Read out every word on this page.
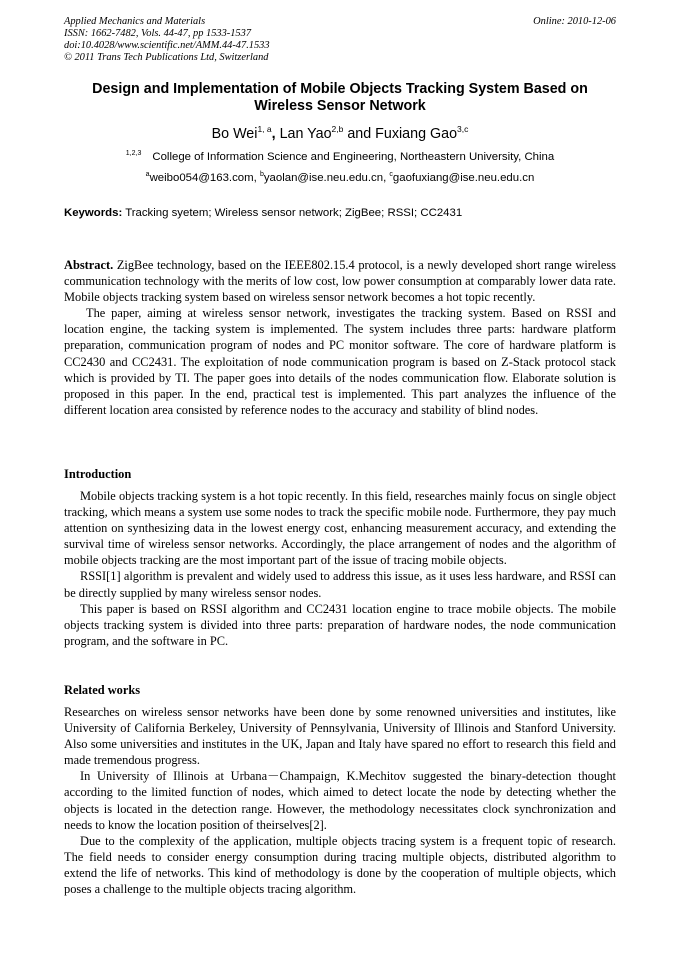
Applied Mechanics and Materials
ISSN: 1662-7482, Vols. 44-47, pp 1533-1537
doi:10.4028/www.scientific.net/AMM.44-47.1533
© 2011 Trans Tech Publications Ltd, Switzerland
Online: 2010-12-06
Design and Implementation of Mobile Objects Tracking System Based on Wireless Sensor Network
Bo Wei$^{1, a}$, Lan Yao$^{2,b}$ and Fuxiang Gao$^{3,c}$
$^{1,2,3}$ College of Information Science and Engineering, Northeastern University, China
$^a$weibo054@163.com, $^b$yaolan@ise.neu.edu.cn, $^c$gaofuxiang@ise.neu.edu.cn
Keywords: Tracking syetem; Wireless sensor network; ZigBee; RSSI; CC2431

Abstract. ZigBee technology, based on the IEEE802.15.4 protocol, is a newly developed short range wireless communication technology with the merits of low cost, low power consumption at comparably lower data rate. Mobile objects tracking system based on wireless sensor network becomes a hot topic recently.

The paper, aiming at wireless sensor network, investigates the tracking system. Based on RSSI and location engine, the tacking system is implemented. The system includes three parts: hardware platform preparation, communication program of nodes and PC monitor software. The core of hardware platform is CC2430 and CC2431. The exploitation of node communication program is based on Z-Stack protocol stack which is provided by TI. The paper goes into details of the nodes communication flow. Elaborate solution is proposed in this paper. In the end, practical test is implemented. This part analyzes the influence of the different location area consisted by reference nodes to the accuracy and stability of blind nodes.

Introduction

Mobile objects tracking system is a hot topic recently. In this field, researches mainly focus on single object tracking, which means a system use some nodes to track the specific mobile node. Furthermore, they pay much attention on synthesizing data in the lowest energy cost, enhancing measurement accuracy, and extending the survival time of wireless sensor networks. Accordingly, the place arrangement of nodes and the algorithm of mobile objects tracking are the most important part of the issue of tracing mobile objects.

RSSI[1] algorithm is prevalent and widely used to address this issue, as it uses less hardware, and RSSI can be directly supplied by many wireless sensor nodes.

This paper is based on RSSI algorithm and CC2431 location engine to trace mobile objects. The mobile objects tracking system is divided into three parts: preparation of hardware nodes, the node communication program, and the software in PC.

Related works

Researches on wireless sensor networks have been done by some renowned universities and institutes, like University of California Berkeley, University of Pennsylvania, University of Illinois and Stanford University. Also some universities and institutes in the UK, Japan and Italy have spared no effort to research this field and made tremendous progress.

In University of Illinois at Urbana－Champaign, K.Mechitov suggested the binary-detection thought according to the limited function of nodes, which aimed to detect locate the node by detecting whether the objects is located in the detection range. However, the methodology necessitates clock synchronization and needs to know the location position of theirselves[2].

Due to the complexity of the application, multiple objects tracing system is a frequent topic of research. The field needs to consider energy consumption during tracing multiple objects, distributed algorithm to extend the life of networks. This kind of methodology is done by the cooperation of multiple objects, which poses a challenge to the multiple objects tracing algorithm.
